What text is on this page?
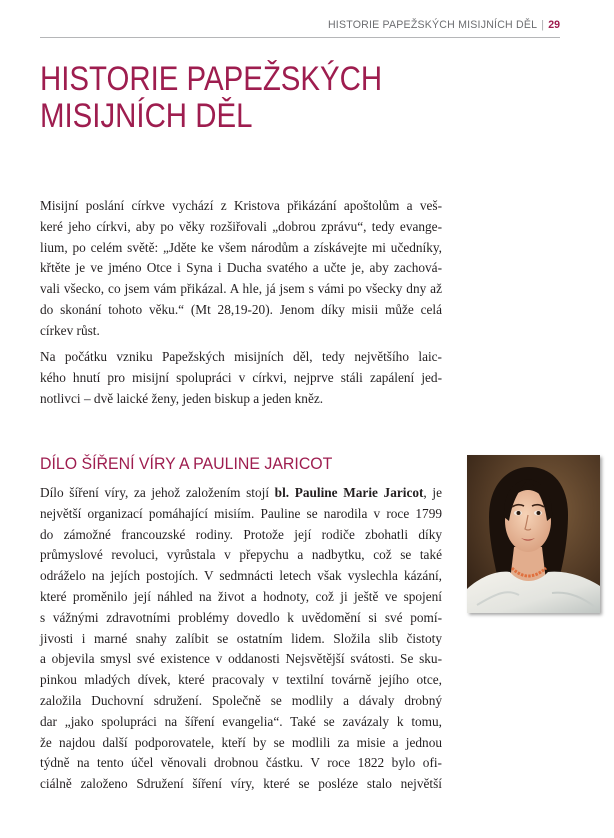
HISTORIE PAPEŽSKÝCH MISIJNÍCH DĚL | 29
HISTORIE PAPEŽSKÝCH
MISIJNÍCH DĚL
Misijní poslání církve vychází z Kristova přikázání apoštolům a veš-
keré jeho církvi, aby po věky rozšiřovali „dobrou zprávu“, tedy evange-
lium, po celém světě: „Jděte ke všem národům a získávejte mi učedníky,
křtěte je ve jméno Otce i Syna i Ducha svatého a učte je, aby zachová-
vali všecko, co jsem vám přikázal. A hle, já jsem s vámi po všecky dny až
do skonání tohoto věku.“ (Mt 28,19-20). Jenom díky misii může celá
církev růst.
Na počátku vzniku Papežských misijních děl, tedy největšího laic-
kého hnutí pro misijní spolupráci v církvi, nejprve stáli zapálení jed-
notlivci – dvě laické ženy, jeden biskup a jeden kněz.
DÍLO ŠÍŘENÍ VÍRY A PAULINE JARICOT
Dílo šíření víry, za jehož založením stojí bl. Pauline Marie Jaricot, je
největší organizací pomáhající misiím. Pauline se narodila v roce 1799
do zámožné francouzské rodiny. Protože její rodiče zbohatli díky
průmyslové revoluci, vyrůstala v přepychu a nadbytku, což se také
odráželo na jejích postojích. V sedmnácti letech však vyslechla kázání,
které proměnilo její náhled na život a hodnoty, což ji ještě ve spojení
s vážnými zdravotními problémy dovedlo k uvědomění si své pomí-
jivosti i marné snahy zalíbit se ostatním lidem. Složila slib čistoty
a objevila smysl své existence v oddanosti Nejsvětější svátosti. Se sku-
pinkou mladých dívek, které pracovaly v textilní továrně jejího otce,
založila Duchovní sdružení. Společně se modlily a dávaly drobný
dar „jako spolupráci na šíření evangelia“. Také se zavázaly k tomu,
že najdou další podporovatele, kteří by se modlili za misie a jednou
týdně na tento účel věnovali drobnou částku. V roce 1822 bylo ofi-
ciálně založeno Sdružení šíření víry, které se posléze stalo největší
